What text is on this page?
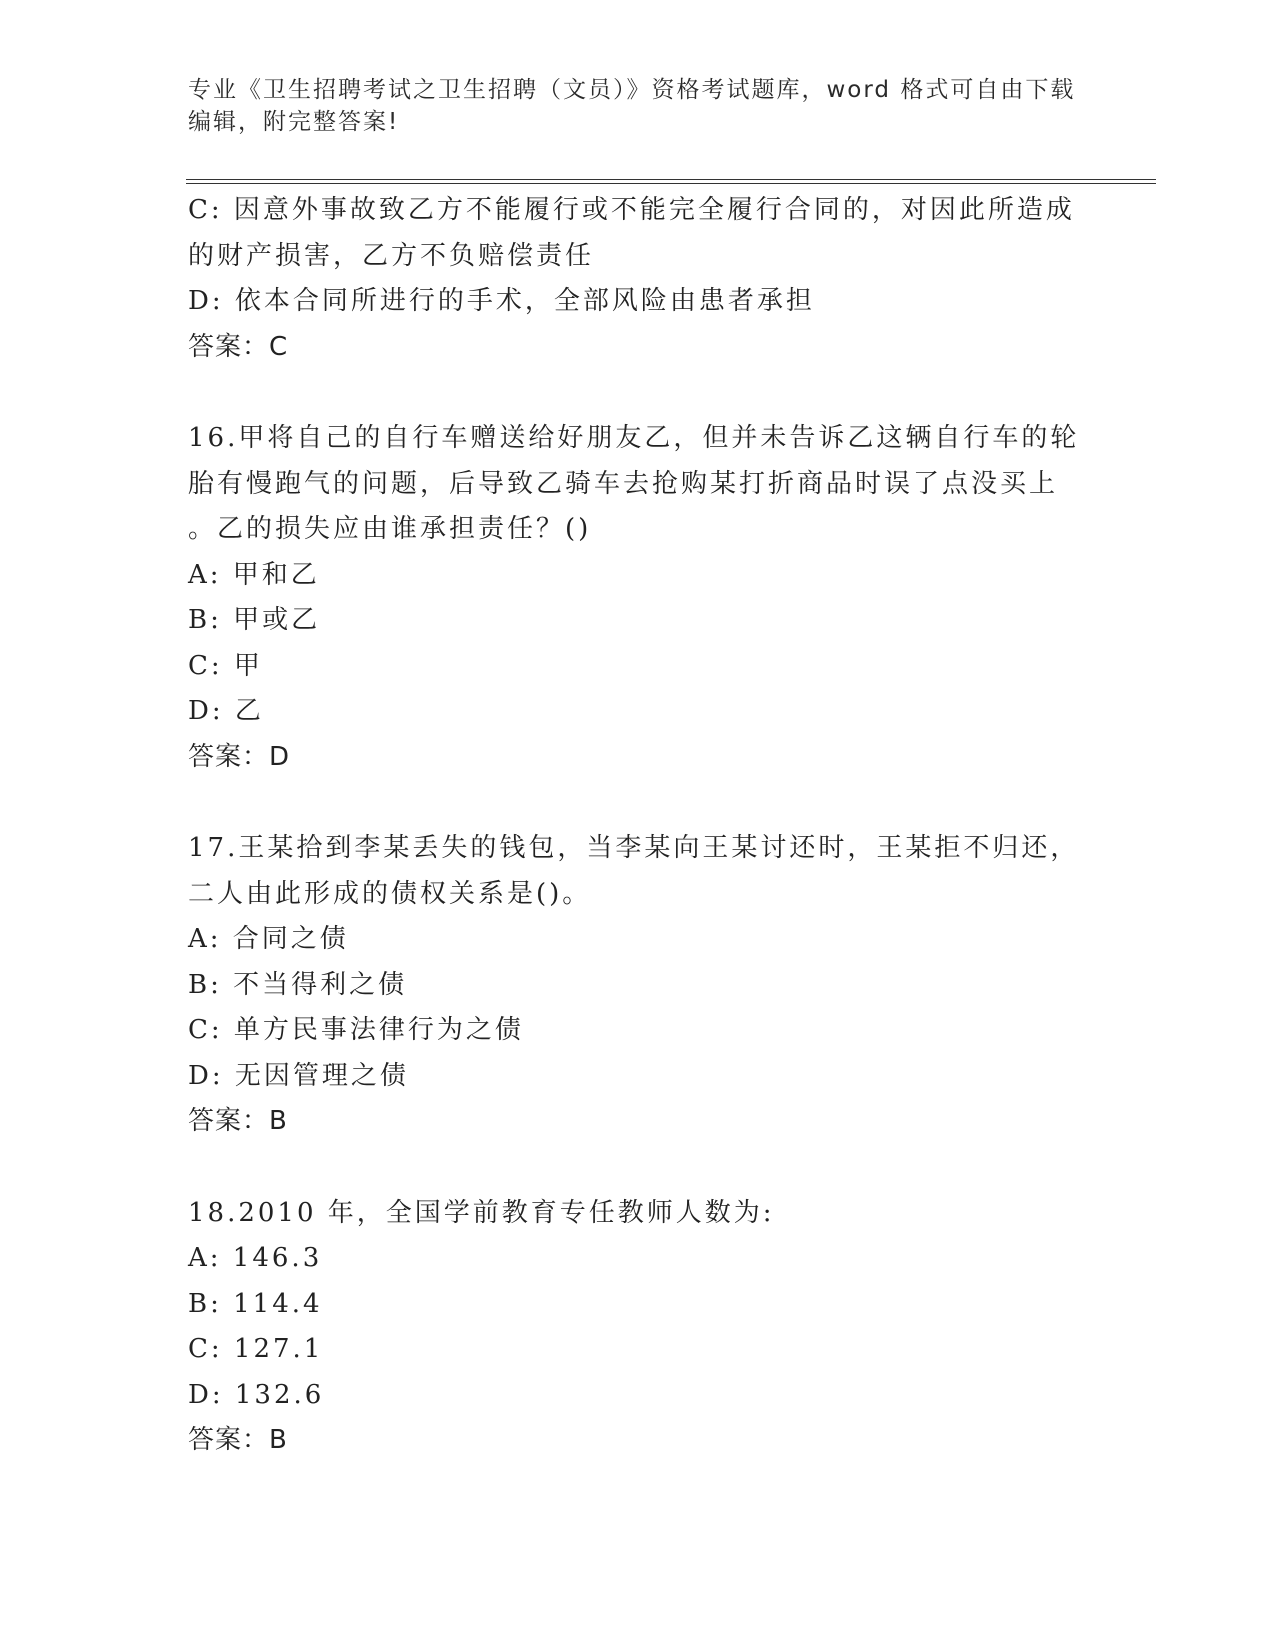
专业《卫生招聘考试之卫生招聘（文员）》资格考试题库，word 格式可自由下载
编辑，附完整答案!
C: 因意外事故致乙方不能履行或不能完全履行合同的，对因此所造成
的财产损害，乙方不负赔偿责任
D: 依本合同所进行的手术，全部风险由患者承担
答案：C
16.甲将自己的自行车赠送给好朋友乙，但并未告诉乙这辆自行车的轮
胎有慢跑气的问题，后导致乙骑车去抢购某打折商品时误了点没买上
。乙的损失应由谁承担责任？()
A: 甲和乙
B: 甲或乙
C: 甲
D: 乙
答案：D
17.王某拾到李某丢失的钱包，当李某向王某讨还时，王某拒不归还，
二人由此形成的债权关系是()。
A: 合同之债
B: 不当得利之债
C: 单方民事法律行为之债
D: 无因管理之债
答案：B
18.2010 年，全国学前教育专任教师人数为:
A: 146.3
B: 114.4
C: 127.1
D: 132.6
答案：B
